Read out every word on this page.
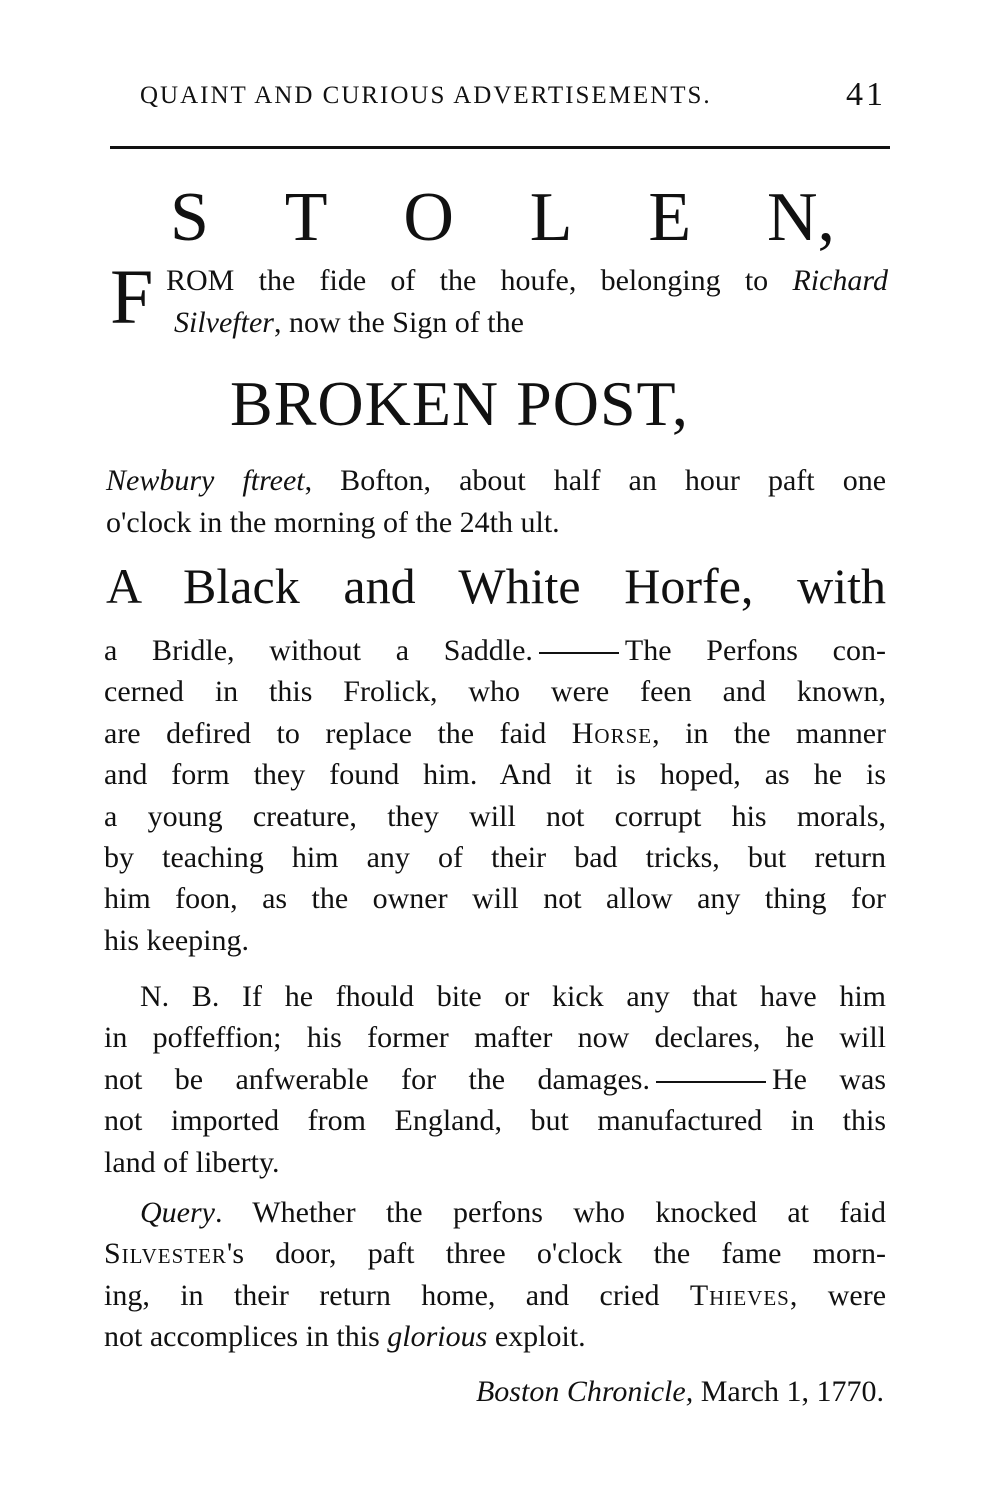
QUAINT AND CURIOUS ADVERTISEMENTS.	41
S T O L E N,
F ROM the fide of the houfe, belonging to Richard
Silvefter, now the Sign of the
BROKEN POST,
Newbury ftreet, Bofton, about half an hour paft one
o'clock in the morning of the 24th ult.
A Black and White Horfe, with
a Bridle, without a Saddle.	The Perfons con-
cerned in this Frolick, who were feen and known,
are defired to replace the faid Horse, in the manner
and form they found him. And it is hoped, as he is
a young creature, they will not corrupt his morals,
by teaching him any of their bad tricks, but return
him foon, as the owner will not allow any thing for
his keeping.
N. B. If he fhould bite or kick any that have him
in poffeffion; his former mafter now declares, he will
not be anfwerable for the damages.	He was
not imported from England, but manufactured in this
land of liberty.
Query. Whether the perfons who knocked at faid
Silvester's door, paft three o'clock the fame morn-
ing, in their return home, and cried Thieves, were
not accomplices in this glorious exploit.
Boston Chronicle, March 1, 1770.
